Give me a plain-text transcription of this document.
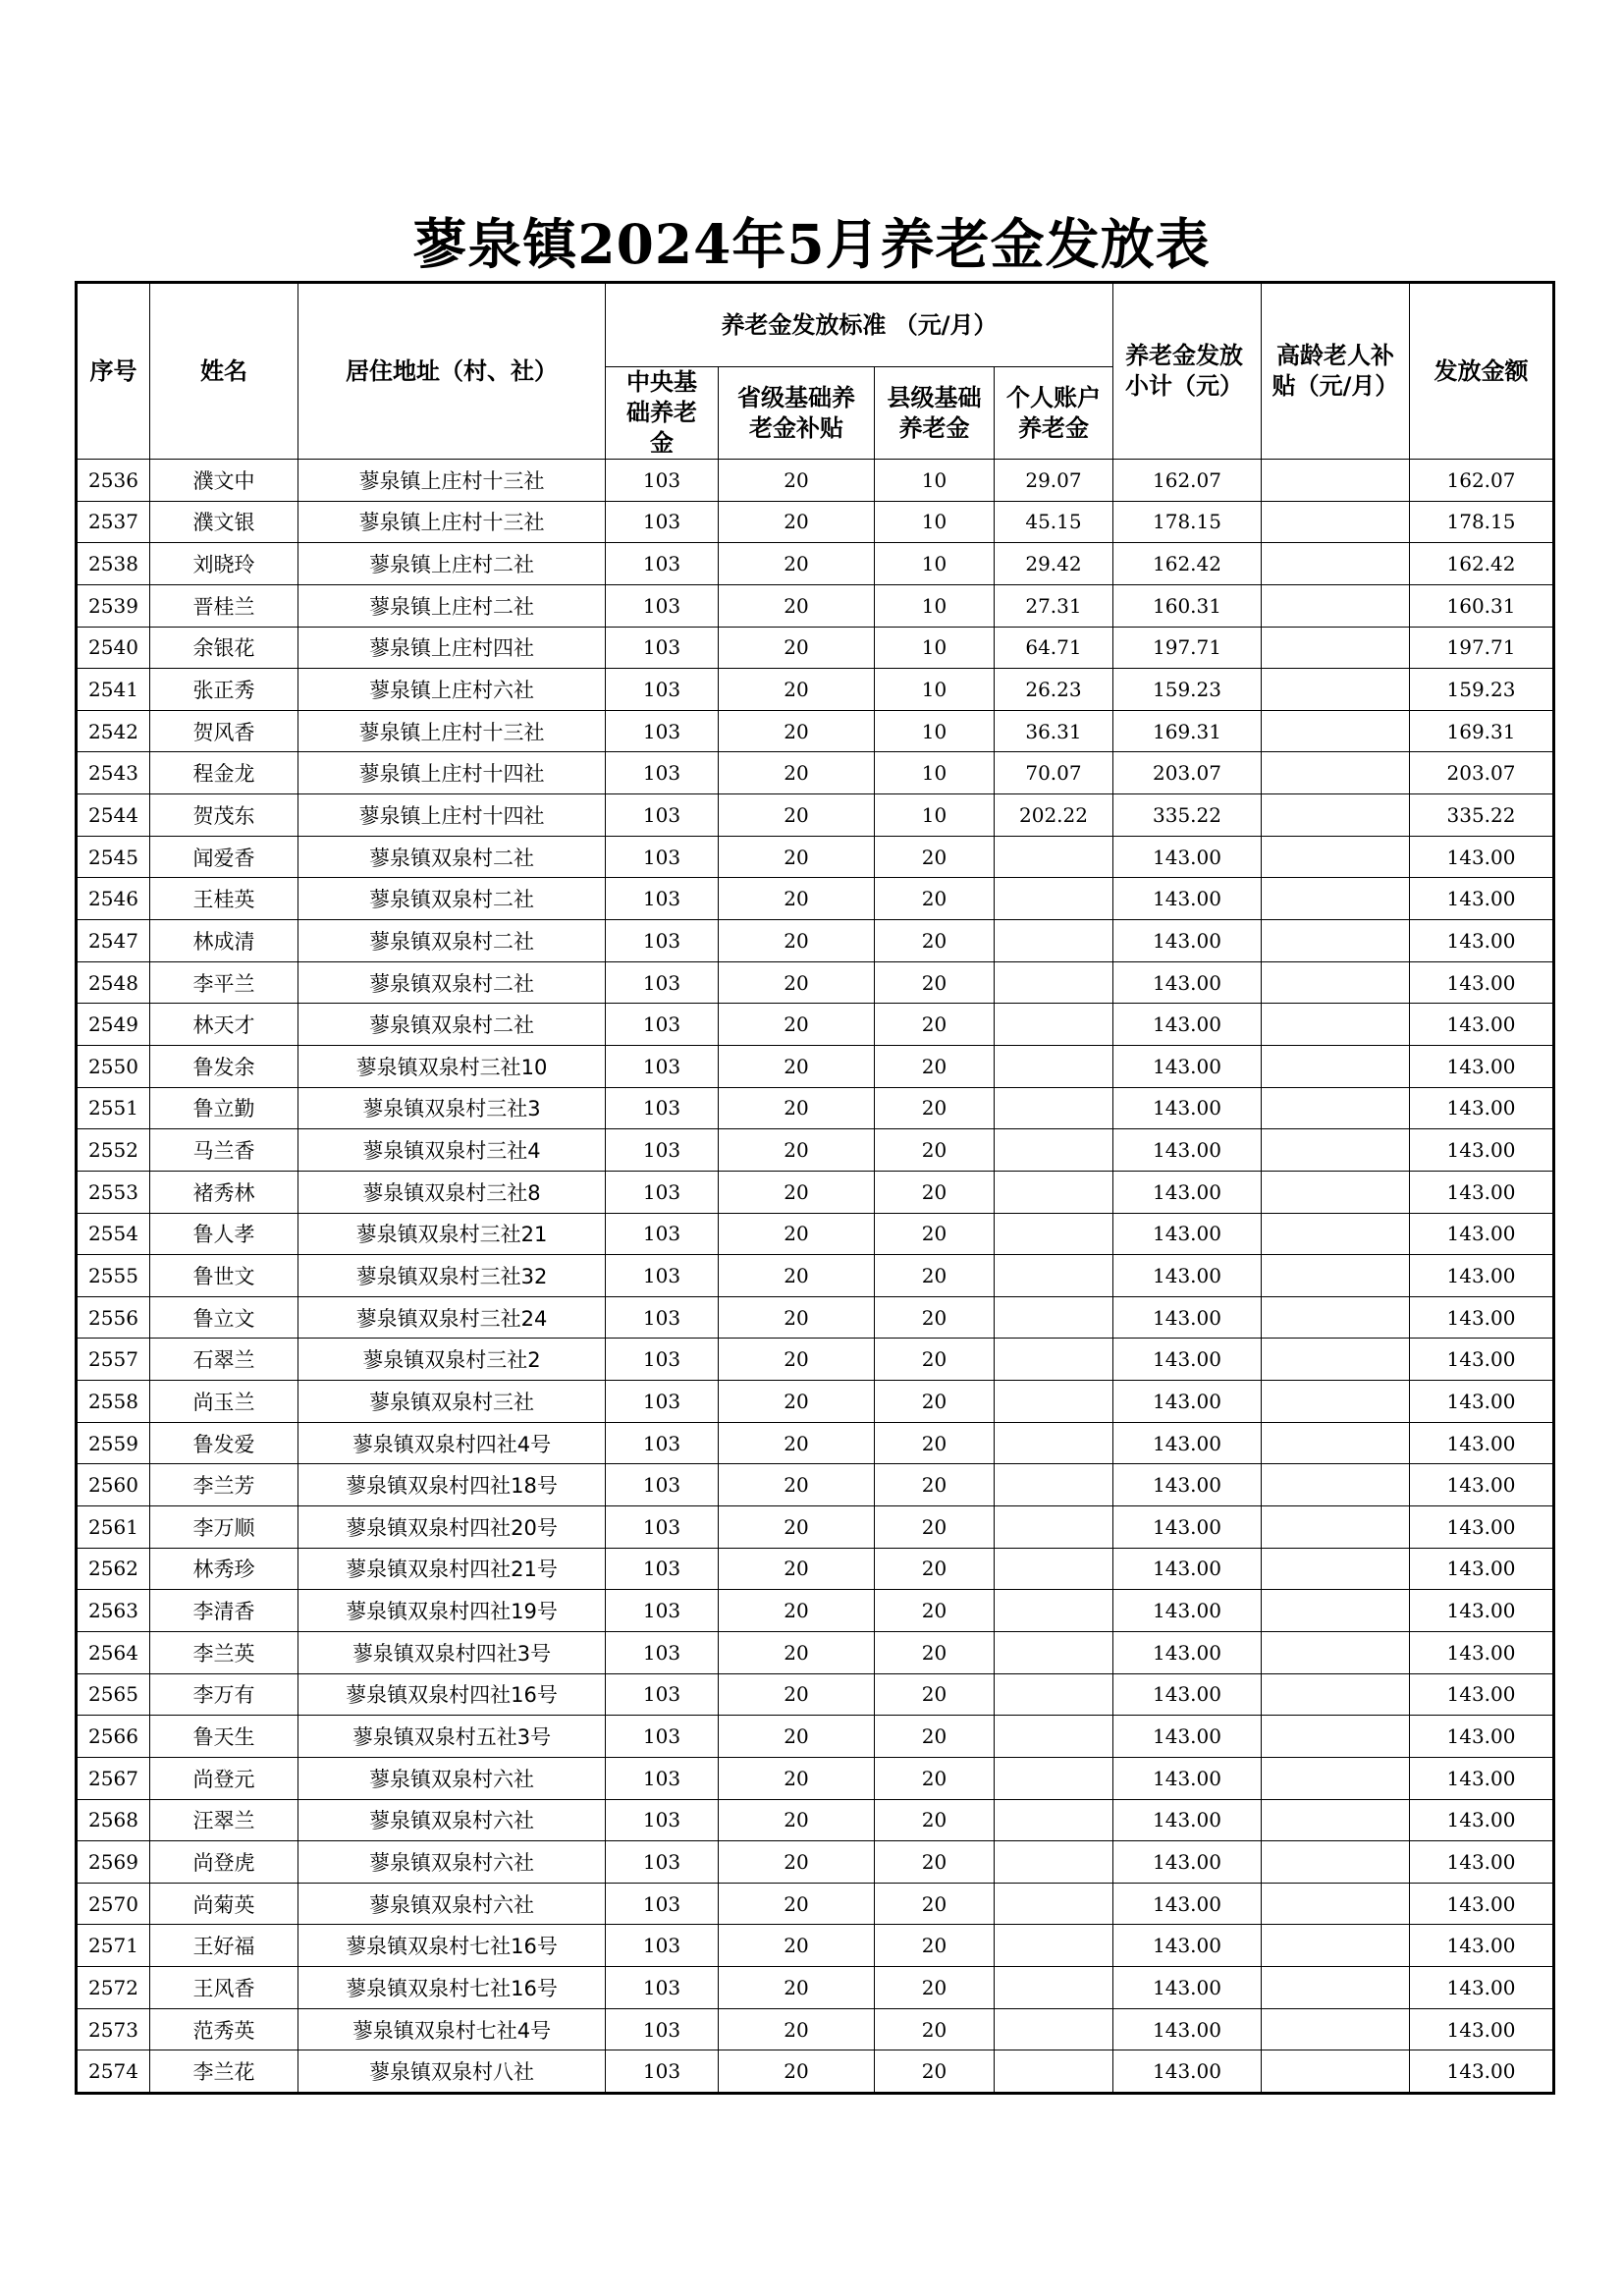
蓼泉镇2024年5月养老金发放表
序号	姓名	居住地址（村、社）	养老金发放标准 （元/月）				养老金发放小计（元）	高龄老人补贴（元/月）	发放金额
			中央基础养老金	省级基础养老金补贴	县级基础养老金	个人账户养老金			
2536	濮文中	蓼泉镇上庄村十三社	103	20	10	29.07	162.07		162.07
2537	濮文银	蓼泉镇上庄村十三社	103	20	10	45.15	178.15		178.15
2538	刘晓玲	蓼泉镇上庄村二社	103	20	10	29.42	162.42		162.42
2539	晋桂兰	蓼泉镇上庄村二社	103	20	10	27.31	160.31		160.31
2540	余银花	蓼泉镇上庄村四社	103	20	10	64.71	197.71		197.71
2541	张正秀	蓼泉镇上庄村六社	103	20	10	26.23	159.23		159.23
2542	贺风香	蓼泉镇上庄村十三社	103	20	10	36.31	169.31		169.31
2543	程金龙	蓼泉镇上庄村十四社	103	20	10	70.07	203.07		203.07
2544	贺茂东	蓼泉镇上庄村十四社	103	20	10	202.22	335.22		335.22
2545	闻爱香	蓼泉镇双泉村二社	103	20	20		143.00		143.00
2546	王桂英	蓼泉镇双泉村二社	103	20	20		143.00		143.00
2547	林成清	蓼泉镇双泉村二社	103	20	20		143.00		143.00
2548	李平兰	蓼泉镇双泉村二社	103	20	20		143.00		143.00
2549	林天才	蓼泉镇双泉村二社	103	20	20		143.00		143.00
2550	鲁发余	蓼泉镇双泉村三社10	103	20	20		143.00		143.00
2551	鲁立勤	蓼泉镇双泉村三社3	103	20	20		143.00		143.00
2552	马兰香	蓼泉镇双泉村三社4	103	20	20		143.00		143.00
2553	褚秀林	蓼泉镇双泉村三社8	103	20	20		143.00		143.00
2554	鲁人孝	蓼泉镇双泉村三社21	103	20	20		143.00		143.00
2555	鲁世文	蓼泉镇双泉村三社32	103	20	20		143.00		143.00
2556	鲁立文	蓼泉镇双泉村三社24	103	20	20		143.00		143.00
2557	石翠兰	蓼泉镇双泉村三社2	103	20	20		143.00		143.00
2558	尚玉兰	蓼泉镇双泉村三社	103	20	20		143.00		143.00
2559	鲁发爱	蓼泉镇双泉村四社4号	103	20	20		143.00		143.00
2560	李兰芳	蓼泉镇双泉村四社18号	103	20	20		143.00		143.00
2561	李万顺	蓼泉镇双泉村四社20号	103	20	20		143.00		143.00
2562	林秀珍	蓼泉镇双泉村四社21号	103	20	20		143.00		143.00
2563	李清香	蓼泉镇双泉村四社19号	103	20	20		143.00		143.00
2564	李兰英	蓼泉镇双泉村四社3号	103	20	20		143.00		143.00
2565	李万有	蓼泉镇双泉村四社16号	103	20	20		143.00		143.00
2566	鲁天生	蓼泉镇双泉村五社3号	103	20	20		143.00		143.00
2567	尚登元	蓼泉镇双泉村六社	103	20	20		143.00		143.00
2568	汪翠兰	蓼泉镇双泉村六社	103	20	20		143.00		143.00
2569	尚登虎	蓼泉镇双泉村六社	103	20	20		143.00		143.00
2570	尚菊英	蓼泉镇双泉村六社	103	20	20		143.00		143.00
2571	王好福	蓼泉镇双泉村七社16号	103	20	20		143.00		143.00
2572	王风香	蓼泉镇双泉村七社16号	103	20	20		143.00		143.00
2573	范秀英	蓼泉镇双泉村七社4号	103	20	20		143.00		143.00
2574	李兰花	蓼泉镇双泉村八社	103	20	20		143.00		143.00
